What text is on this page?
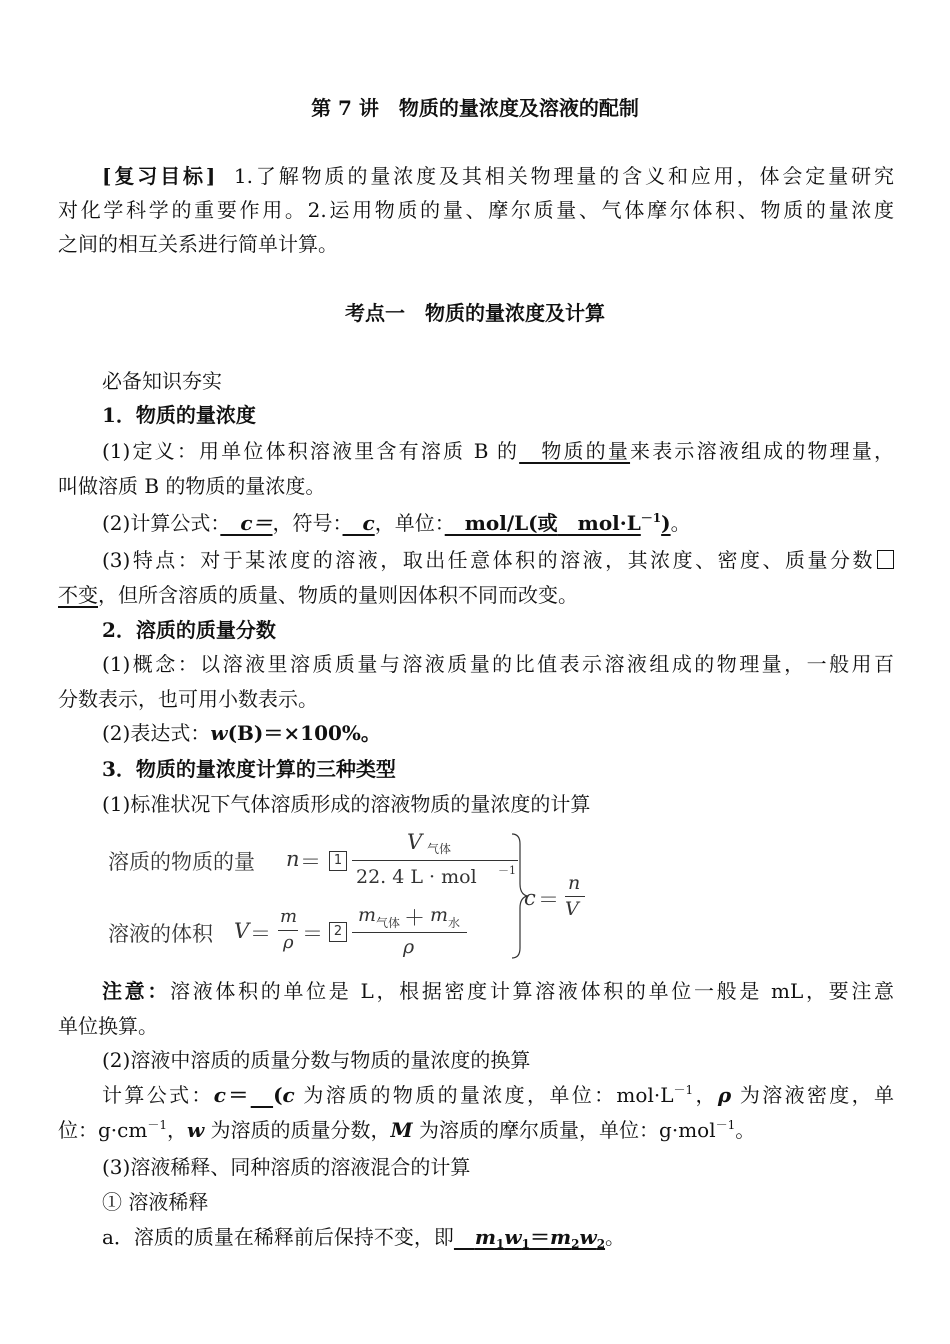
第 7 讲　物质的量浓度及溶液的配制
[复习目标] 1.了解物质的量浓度及其相关物理量的含义和应用，体会定量研究
对化学科学的重要作用。2.运用物质的量、摩尔质量、气体摩尔体积、物质的量浓度
之间的相互关系进行简单计算。
考点一　物质的量浓度及计算
必备知识夯实
1．物质的量浓度
(1)定义：用单位体积溶液里含有溶质 B 的　物质的量来表示溶液组成的物理量，
叫做溶质 B 的物质的量浓度。
(2)计算公式：　c＝，符号：　c，单位：　mol/L(或　$mol\cdot L^{-1}$)。
(3)特点：对于某浓度的溶液，取出任意体积的溶液，其浓度、密度、质量分数
不变，但所含溶质的质量、物质的量则因体积不同而改变。
2．溶质的质量分数
(1)概念：以溶液里溶质质量与溶液质量的比值表示溶液组成的物理量，一般用百
分数表示，也可用小数表示。
(2)表达式：w(B)＝×100%。
3．物质的量浓度计算的三种类型
(1)标准状况下气体溶质形成的溶液物质的量浓度的计算
溶质的物质的量 n ＝ 1
V 气体
22. 4 L · mol －1
溶液的体积 V ＝
m
ρ ＝ 2
m 气体 ＋ m 水
ρ
c ＝
n
V
注意：溶液体积的单位是 L，根据密度计算溶液体积的单位一般是 mL，要注意
单位换算。
(2)溶液中溶质的质量分数与物质的量浓度的换算
计算公式：c＝　 (c 为溶质的物质的量浓度，单位：$mol\cdot L^{-1}$，ρ 为溶液密度，单
位：$g\cdot cm^{-1}$，w 为溶质的质量分数，M 为溶质的摩尔质量，单位：g·mol$^{-1}$。
(3)溶液稀释、同种溶质的溶液混合的计算
① 溶液稀释
a．溶质的质量在稀释前后保持不变，即 $m_1w_1=m_2w_2$。
